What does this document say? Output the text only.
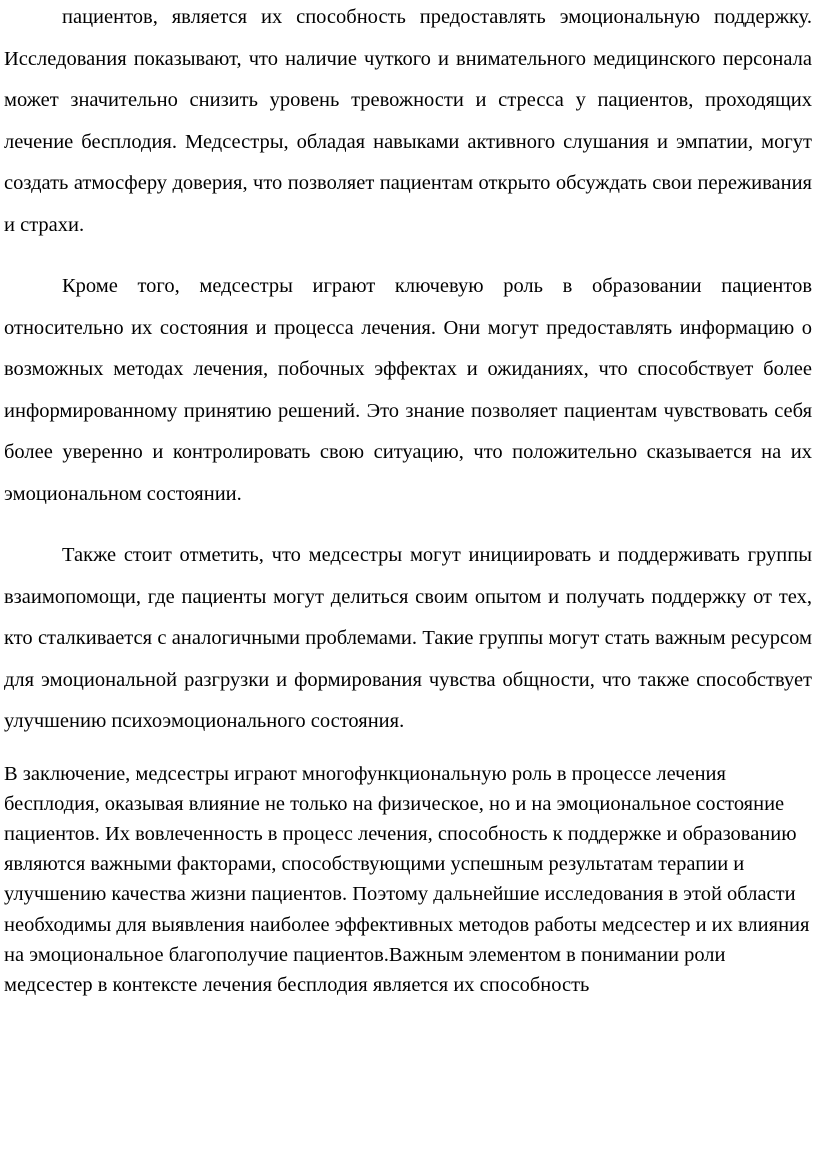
пациентов, является их способность предоставлять эмоциональную поддержку. Исследования показывают, что наличие чуткого и внимательного медицинского персонала может значительно снизить уровень тревожности и стресса у пациентов, проходящих лечение бесплодия. Медсестры, обладая навыками активного слушания и эмпатии, могут создать атмосферу доверия, что позволяет пациентам открыто обсуждать свои переживания и страхи.

Кроме того, медсестры играют ключевую роль в образовании пациентов относительно их состояния и процесса лечения. Они могут предоставлять информацию о возможных методах лечения, побочных эффектах и ожиданиях, что способствует более информированному принятию решений. Это знание позволяет пациентам чувствовать себя более уверенно и контролировать свою ситуацию, что положительно сказывается на их эмоциональном состоянии.

Также стоит отметить, что медсестры могут инициировать и поддерживать группы взаимопомощи, где пациенты могут делиться своим опытом и получать поддержку от тех, кто сталкивается с аналогичными проблемами. Такие группы могут стать важным ресурсом для эмоциональной разгрузки и формирования чувства общности, что также способствует улучшению психоэмоционального состояния.

В заключение, медсестры играют многофункциональную роль в процессе лечения бесплодия, оказывая влияние не только на физическое, но и на эмоциональное состояние пациентов. Их вовлеченность в процесс лечения, способность к поддержке и образованию являются важными факторами, способствующими успешным результатам терапии и улучшению качества жизни пациентов. Поэтому дальнейшие исследования в этой области необходимы для выявления наиболее эффективных методов работы медсестер и их влияния на эмоциональное благополучие пациентов.Важным элементом в понимании роли медсестер в контексте лечения бесплодия является их способность
